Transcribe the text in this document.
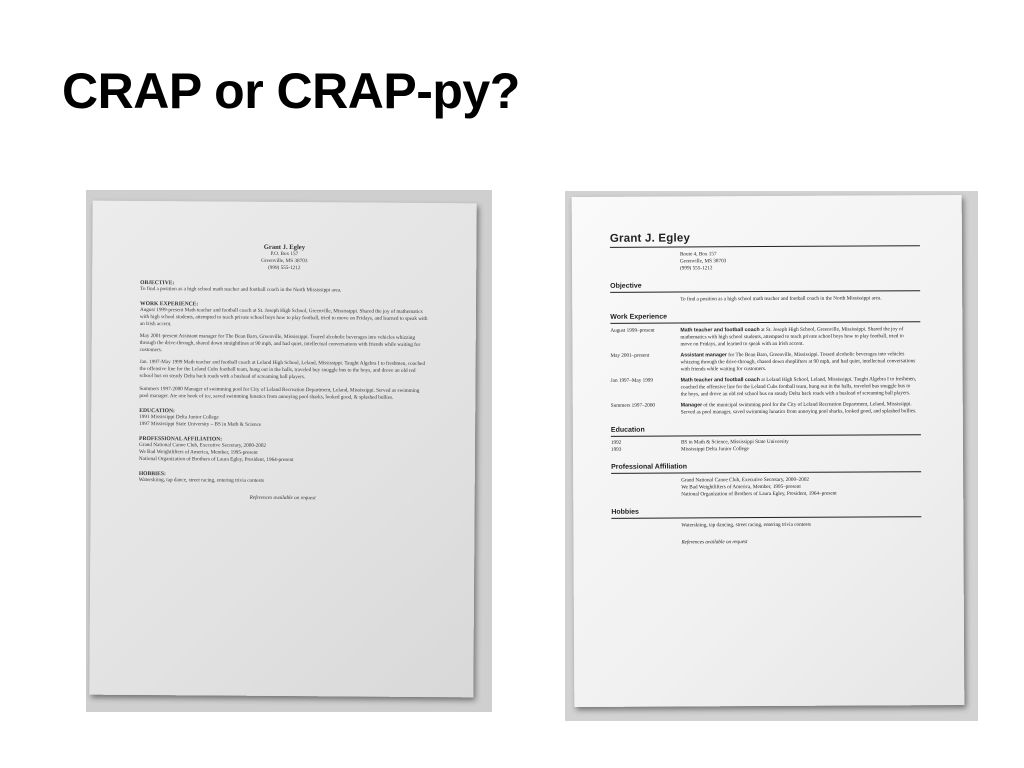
CRAP or CRAP-py?
Grant J. Egley
P.O. Box 157
Greenville, MS 38703
(999) 555-1212
OBJECTIVE:
To find a position as a high school math teacher and football coach in the North Mississippi area.
WORK EXPERIENCE:
August 1999-present Math teacher and football coach at St. Joseph High School, Greenville, Mississippi. Shared the joy of mathematics with high school students, attempted to teach private school boys how to play football, tried to move on Fridays, and learned to speak with an Irish accent.
May 2001-present Assistant manager for The Bean Barn, Greenville, Mississippi. Toured alcoholic beverages into vehicles whizzing through the drive-through, shared down straightlines at 90 mph, and had quiet, intellectual conversations with friends while waiting for customers.
Jan. 1997-May 1999 Math teacher and football coach at Leland High School, Leland, Mississippi. Taught Algebra I to freshmen, coached the offensive line for the Leland Cubs football team, hung out in the halls, traveled buy snuggle bus to the boys, and drove an old red school bus on steady Delta back roads with a busload of screaming ball players.
Summers 1997-2000 Manager of swimming pool for City of Leland Recreation Department, Leland, Mississippi. Served as swimming pool manager. Ate one book of ice, saved swimming lunatics from annoying pool sharks, looked good, & splashed bullies.
EDUCATION:
1991 Mississippi Delta Junior College
1997 Mississippi State University – BS in Math & Science
PROFESSIONAL AFFILIATION:
Grand National Canoe Club, Executive Secretary, 2000-2002
We Bad Weightlifters of America, Member, 1995-present
National Organization of Brothers of Laura Egley, President, 1964-present
HOBBIES:
Waterskiing, tap dance, street racing, entering trivia contests
References available on request
Grant J. Egley
Route 4, Box 157
Greenville, MS 38703
(999) 555-1212
Objective
To find a position as a high school math teacher and football coach in the North Mississippi area.
Work Experience
August 1999–present	Math teacher and football coach at St. Joseph High School, Greenville, Mississippi. Shared the joy of mathematics with high school students, attempted to teach private school boys how to play football, tried to move on Fridays, and learned to speak with an Irish accent.
May 2001–present	Assistant manager for The Bean Barn, Greenville, Mississippi. Tossed alcoholic beverages into vehicles whizzing through the drive-through, chased down shoplifters at 90 mph, and had quiet, intellectual conversations with friends while waiting for customers.
Jan 1997–May 1999	Math teacher and football coach at Leland High School, Leland, Mississippi. Taught Algebra I to freshmen, coached the offensive line for the Leland Cubs football team, hung out in the halls, traveled bus snuggle bus to the boys, and drove an old red school bus on steady Delta back roads with a busload of screaming ball players.
Summers 1997–2000	Manager of the municipal swimming pool for the City of Leland Recreation Department, Leland, Mississippi. Served as pool manager, saved swimming lunatics from annoying pool sharks, looked good, and splashed bullies.
Education
1992	BS in Math & Science, Mississippi State University
1993	Mississippi Delta Junior College
Professional Affiliation
Grand National Canoe Club, Executive Secretary, 2000–2002
We Bad Weightlifters of America, Member, 1995–present
National Organization of Brothers of Laura Egley, President, 1964–present
Hobbies
Waterskiing, tap dancing, street racing, entering trivia contests
References available on request
